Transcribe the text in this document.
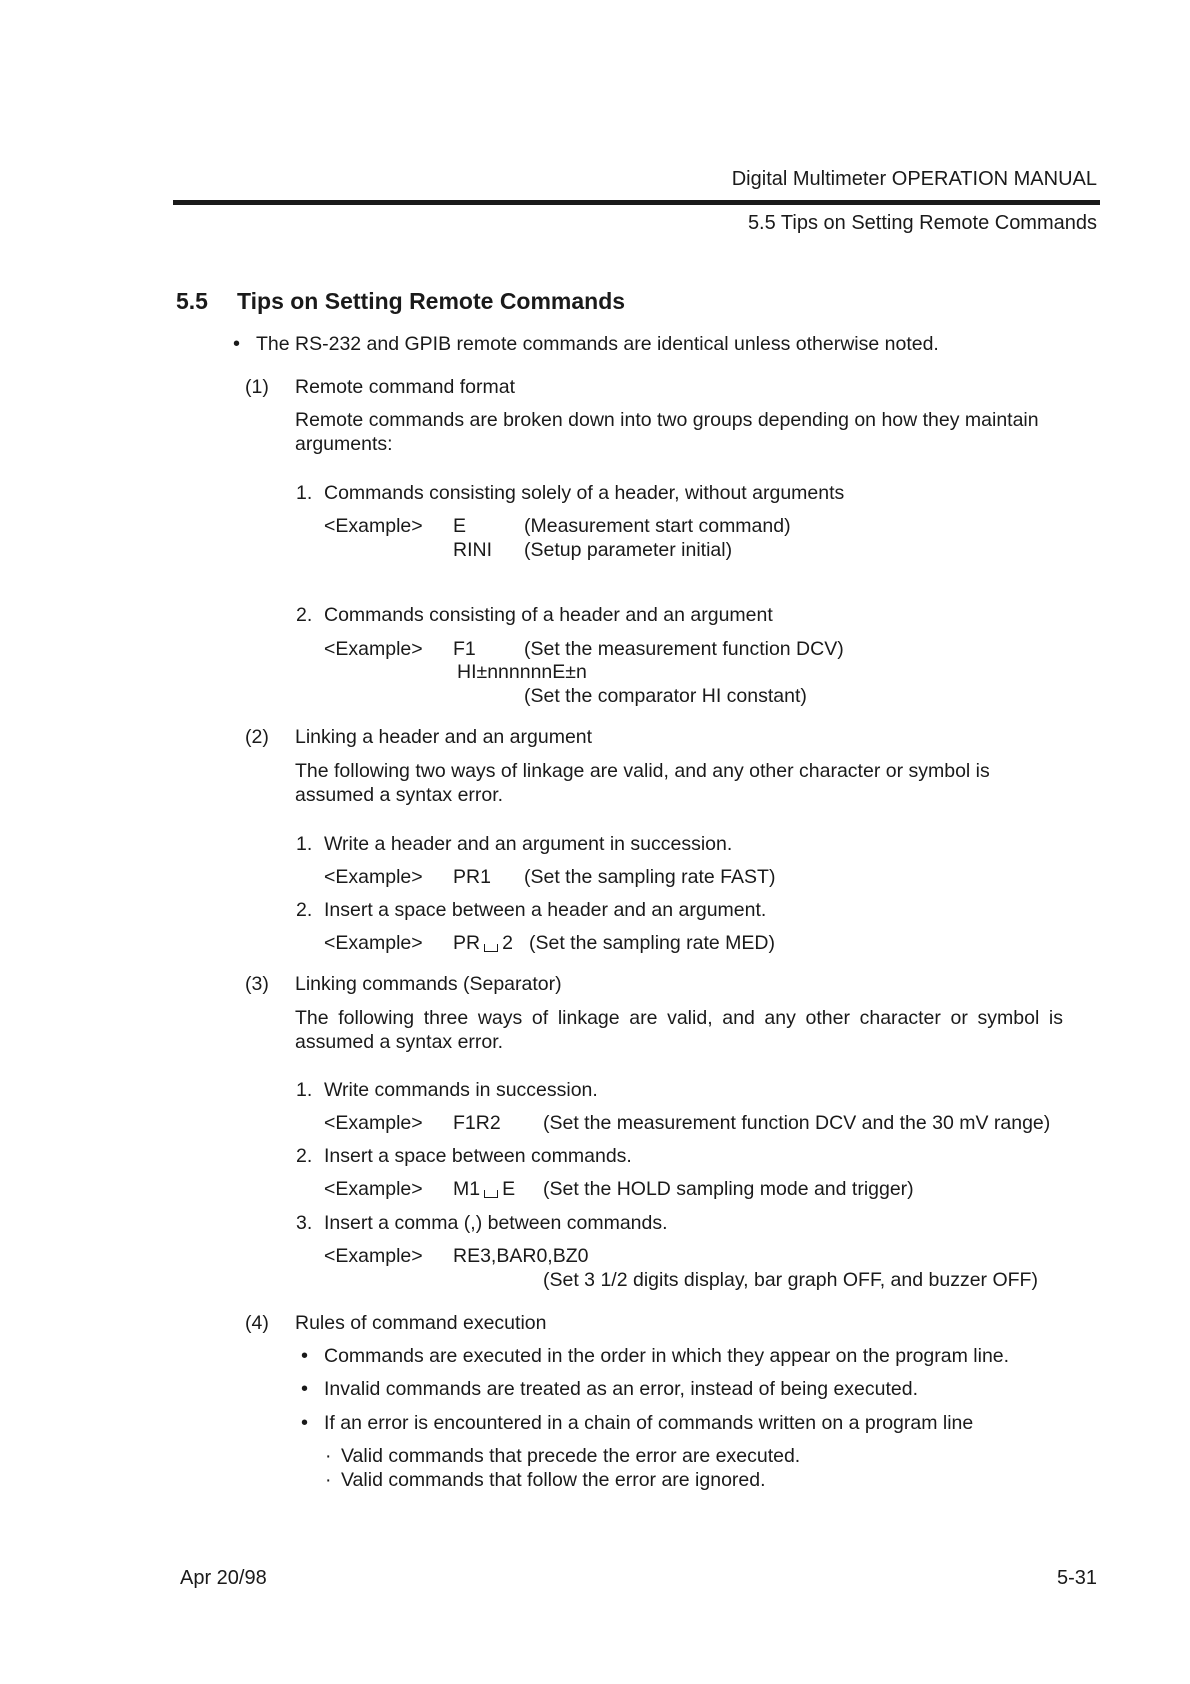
Digital Multimeter OPERATION MANUAL
5.5 Tips on Setting Remote Commands
5.5 Tips on Setting Remote Commands
• The RS-232 and GPIB remote commands are identical unless otherwise noted.
(1) Remote command format
Remote commands are broken down into two groups depending on how they maintain arguments:
1. Commands consisting solely of a header, without arguments
<Example> E	(Measurement start command)
RINI (Setup parameter initial)
2. Commands consisting of a header and an argument
<Example> F1 (Set the measurement function DCV)
HI±nnnnnnE±n
(Set the comparator HI constant)
(2) Linking a header and an argument
The following two ways of linkage are valid, and any other character or symbol is assumed a syntax error.
1. Write a header and an argument in succession.
<Example> PR1 (Set the sampling rate FAST)
2. Insert a space between a header and an argument.
<Example> PR 2 (Set the sampling rate MED)
(3) Linking commands (Separator)
The following three ways of linkage are valid, and any other character or symbol is assumed a syntax error.
1. Write commands in succession.
<Example> F1R2 (Set the measurement function DCV and the 30 mV range)
2. Insert a space between commands.
<Example> M1 E (Set the HOLD sampling mode and trigger)
3. Insert a comma (,) between commands.
<Example> RE3,BAR0,BZ0
(Set 3 1/2 digits display, bar graph OFF, and buzzer OFF)
(4) Rules of command execution
• Commands are executed in the order in which they appear on the program line.
• Invalid commands are treated as an error, instead of being executed.
• If an error is encountered in a chain of commands written on a program line
· Valid commands that precede the error are executed.
· Valid commands that follow the error are ignored.
Apr 20/98	5-31
